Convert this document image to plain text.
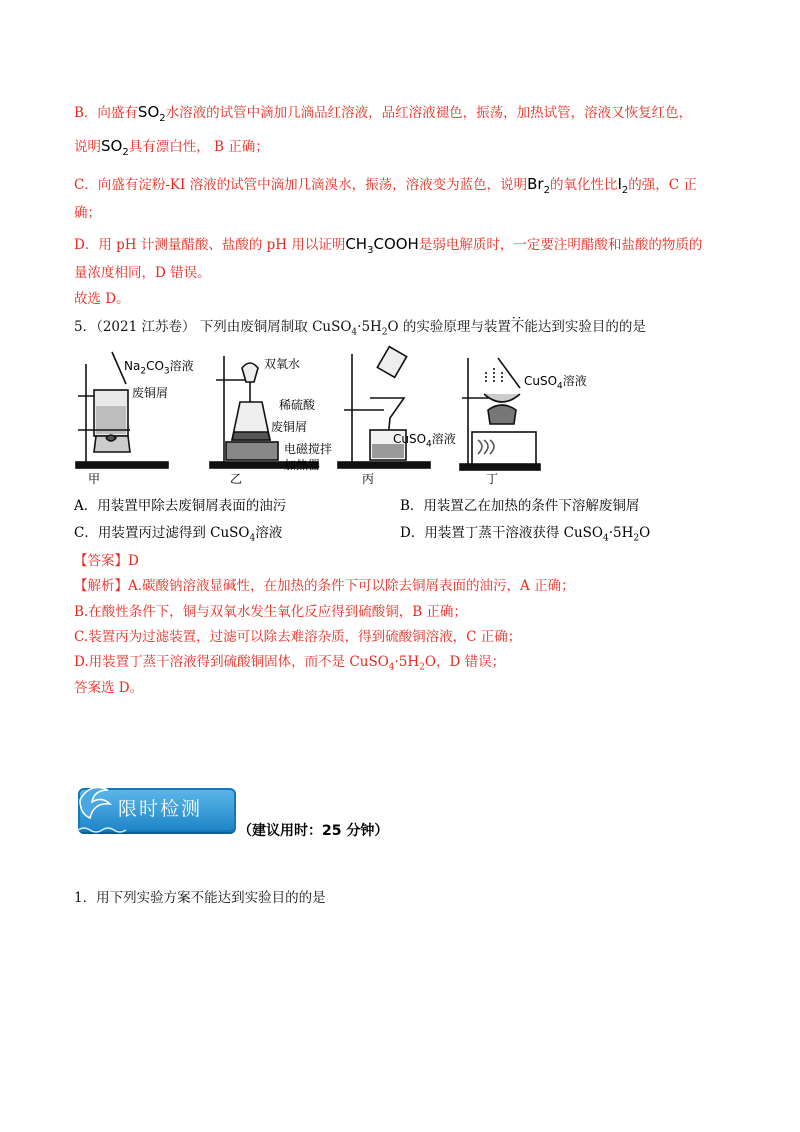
B．向盛有$SO_2$水溶液的试管中滴加几滴品红溶液，品红溶液褪色，振荡，加热试管，溶液又恢复红色，
说明$SO_2$具有漂白性， B 正确；
C．向盛有淀粉-KI 溶液的试管中滴加几滴溴水，振荡，溶液变为蓝色，说明$Br_2$的氧化性比$I_2$的强，C 正
确；
D．用 pH 计测量醋酸、盐酸的 pH 用以证明$CH_3COOH$是弱电解质时，一定要注明醋酸和盐酸的物质的
量浓度相同，D 错误。
故选 D。
5．（2021 江苏卷） 下列由废铜屑制取 $CuSO_4\cdot 5H_2O$ 的实验原理与装置· · 不能达到实验目的的是
$Na_2CO_3$溶液
废铜屑
双氧水
稀硫酸
废铜屑
电磁搅拌
加热器
CuSO$_4$溶液
CuSO$_4$溶液
甲	乙	丙	丁
A．用装置甲除去废铜屑表面的油污	B．用装置乙在加热的条件下溶解废铜屑
C．用装置丙过滤得到 CuSO$_4$溶液	D．用装置丁蒸干溶液获得 $CuSO_4\cdot 5H_2O$
【答案】D
【解析】A.碳酸钠溶液显碱性，在加热的条件下可以除去铜屑表面的油污，A 正确；
B.在酸性条件下，铜与双氧水发生氧化反应得到硫酸铜，B 正确；
C.装置丙为过滤装置，过滤可以除去难溶杂质，得到硫酸铜溶液，C 正确；
D.用装置丁蒸干溶液得到硫酸铜固体，而不是 $CuSO_4\cdot 5H_2O$，D 错误；
答案选 D。
限时检测
（建议用时：25 分钟）
1．用下列实验方案不能达到实验目的的是
